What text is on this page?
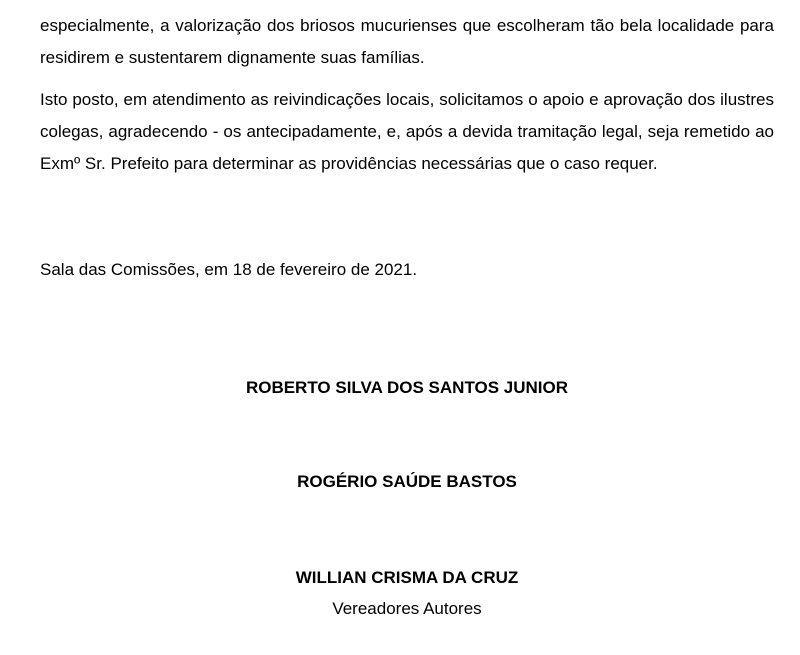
especialmente, a valorização dos briosos mucurienses que escolheram tão bela localidade para residirem e sustentarem dignamente suas famílias.

Isto posto, em atendimento as reivindicações locais, solicitamos o apoio e aprovação dos ilustres colegas, agradecendo - os antecipadamente, e, após a devida tramitação legal, seja remetido ao Exmº Sr. Prefeito para determinar as providências necessárias que o caso requer.

Sala das Comissões, em 18 de fevereiro de 2021.

ROBERTO SILVA DOS SANTOS JUNIOR

ROGÉRIO SAÚDE BASTOS

WILLIAN CRISMA DA CRUZ

Vereadores Autores
